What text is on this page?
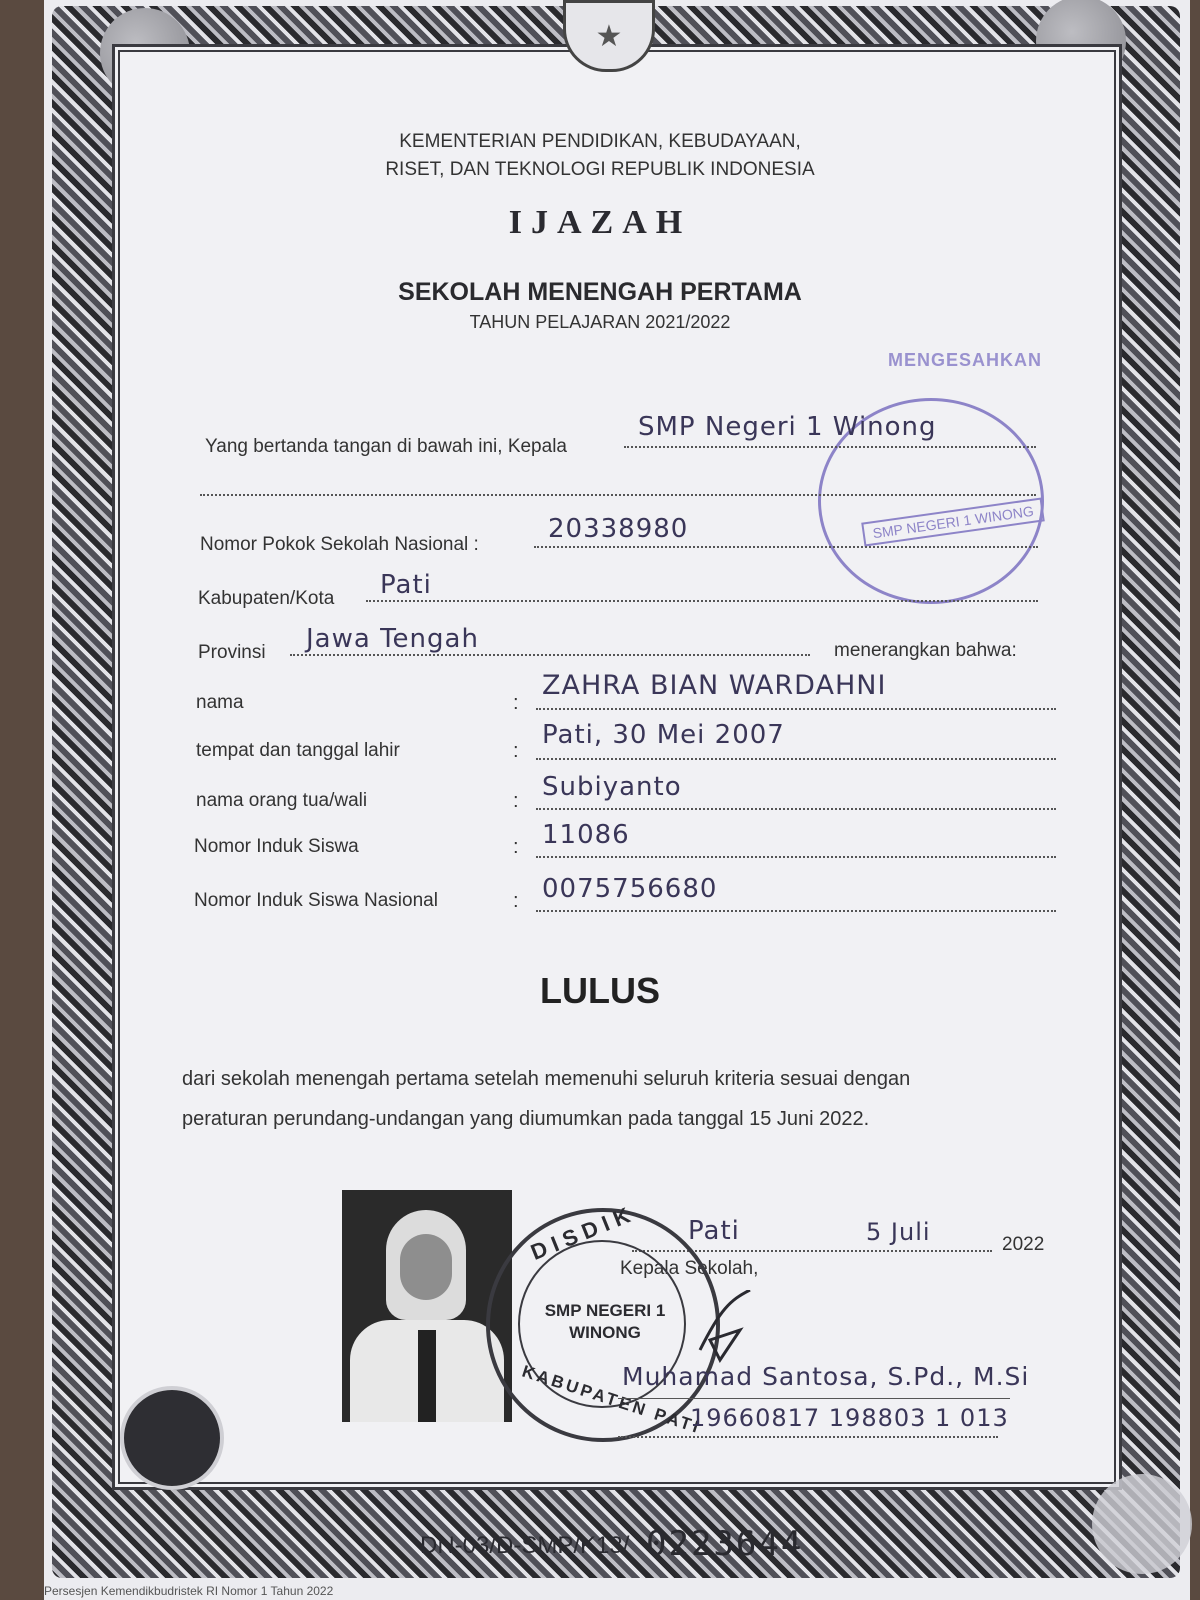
★
KEMENTERIAN PENDIDIKAN, KEBUDAYAAN,
RISET, DAN TEKNOLOGI REPUBLIK INDONESIA
IJAZAH
SEKOLAH MENENGAH PERTAMA
TAHUN PELAJARAN 2021/2022
MENGESAHKAN
SMP NEGERI 1 WINONG
Yang bertanda tangan di bawah ini, Kepala
SMP Negeri 1 Winong
Nomor Pokok Sekolah Nasional :
20338980
Kabupaten/Kota Pati
Provinsi Jawa Tengah	menerangkan bahwa:
nama	:
ZAHRA BIAN WARDAHNI
tempat dan tanggal lahir	:
Pati, 30 Mei 2007
nama orang tua/wali	: Subiyanto
Nomor Induk Siswa	: 11086
Nomor Induk Siswa Nasional	: 0075756680
LULUS
dari sekolah menengah pertama setelah memenuhi seluruh kriteria sesuai dengan
peraturan perundang-undangan yang diumumkan pada tanggal 15 Juni 2022.
Pati	5 Juli	2022
Kepala Sekolah,
DISDIK
SMP NEGERI 1 WINONG
KABUPATEN PATI
Muhamad Santosa, S.Pd., M.Si
19660817 198803 1 013
DN-03/D-SMP/K13/ 0223644
Persesjen Kemendikbudristek RI Nomor 1 Tahun 2022
